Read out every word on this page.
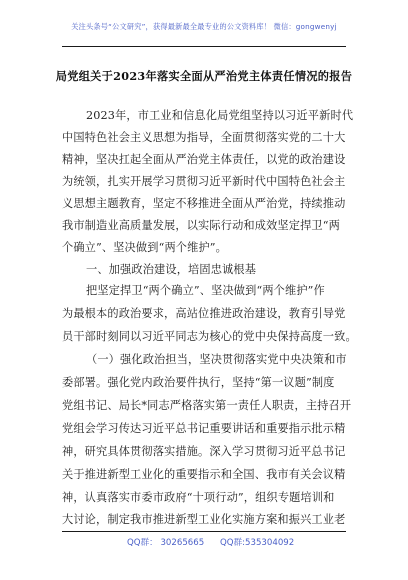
关注头条号“公文研究”，获得最新最全最专业的公文资料库！ 微信：gongwenyj
局党组关于2023年落实全面从严治党主体责任情况的报告
2023年，市工业和信息化局党组坚持以习近平新时代
中国特色社会主义思想为指导，全面贯彻落实党的二十大
精神，坚决扛起全面从严治党主体责任，以党的政治建设
为统领，扎实开展学习贯彻习近平新时代中国特色社会主
义思想主题教育，坚定不移推进全面从严治党，持续推动
我市制造业高质量发展，以实际行动和成效坚定捍卫“两
个确立”、坚决做到“两个维护”。
一、加强政治建设，培固忠诚根基
把坚定捍卫“两个确立”、坚决做到“两个维护”作
为最根本的政治要求，高站位推进政治建设，教育引导党
员干部时刻同以习近平同志为核心的党中央保持高度一致。
（一）强化政治担当，坚决贯彻落实党中央决策和市
委部署。强化党内政治要件执行，坚持“第一议题”制度
党组书记、局长*同志严格落实第一责任人职责，主持召开
党组会学习传达习近平总书记重要讲话和重要指示批示精
神，研究具体贯彻落实措施。深入学习贯彻习近平总书记
关于推进新型工业化的重要指示和全国、我市有关会议精
神，认真落实市委市政府“十项行动”，组织专题培训和
QQ群： 30265665 QQ群:535304092
大讨论，制定我市推进新型工业化实施方案和振兴工业老
